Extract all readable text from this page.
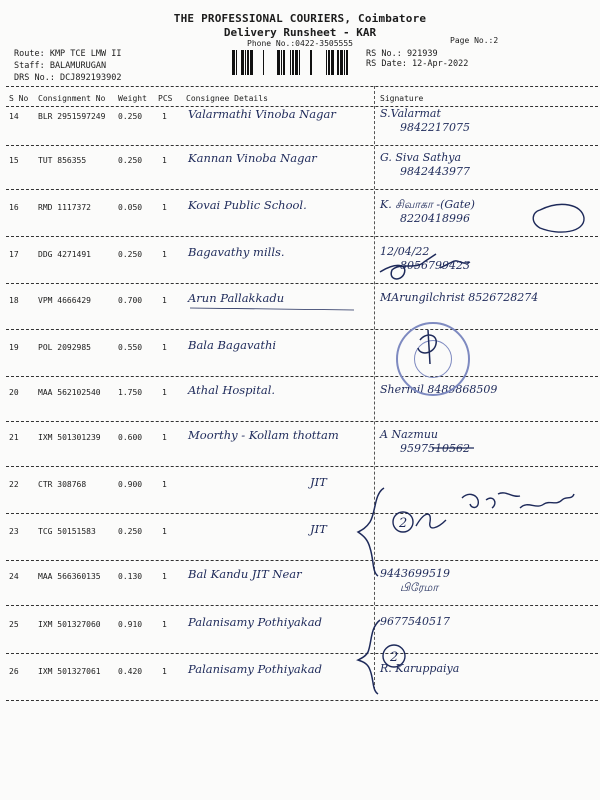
THE PROFESSIONAL COURIERS, Coimbatore
Delivery Runsheet - KAR
Phone No.:0422-3505555	Page No.:2
Route: KMP TCE LMW II
Staff: BALAMURUGAN
DRS No.: DCJ892193902
RS No.: 921939
RS Date: 12-Apr-2022
S No Consignment No Weight PCS Consignee Details	Signature
14 BLR 2951597249 0.250 1 Valarmathi Vinoba Nagar	S.Valarmat
9842217075
15 TUT 856355	0.250 1 Kannan Vinoba Nagar	G. Siva Sathya
9842443977
16 RMD 1117372	0.050 1 Kovai Public School.	K. சிவாகா -(Gate)
8220418996
17 DDG 4271491	0.250 1 Bagavathy mills.	12/04/22
8056799423
18 VPM 4666429	0.700 1 Arun Pallakkadu	MArungilchrist 8526728274
19 POL 2092985	0.550 1 Bala Bagavathi
20 MAA 562102540 1.750 1 Athal Hospital.	Shermil 8489868509
21 IXM 501301239 0.600 1 Moorthy - Kollam thottam	A Nazmuu
9597510562
22 CTR 308768	0.900 1	JIT
23 TCG 50151583	0.250 1	JIT
24 MAA 566360135 0.130 1 Bal Kandu JIT Near	9443699519
பிரேமா
25 IXM 501327060 0.910 1 Palanisamy Pothiyakad	9677540517
26 IXM 501327061 0.420 1 Palanisamy Pothiyakad	R. Karuppaiya
2
2
